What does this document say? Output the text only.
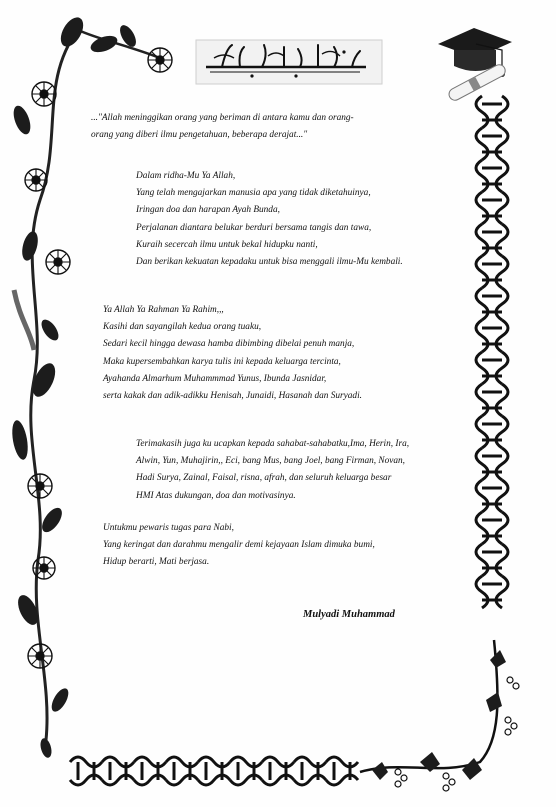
..."Allah meninggikan orang yang beriman di antara kamu dan orang-
orang yang diberi ilmu pengetahuan, beberapa derajat..."
Dalam ridha-Mu Ya Allah,
Yang telah mengajarkan manusia apa yang tidak diketahuinya,
Iringan doa dan harapan Ayah Bunda,
Perjalanan diantara belukar berduri bersama tangis dan tawa,
Kuraih secercah ilmu untuk bekal hidupku nanti,
Dan berikan kekuatan kepadaku untuk bisa menggali ilmu-Mu kembali.
Ya Allah Ya Rahman Ya Rahim,,,
Kasihi dan sayangilah kedua orang tuaku,
Sedari kecil hingga dewasa hamba dibimbing dibelai penuh manja,
Maka kupersembahkan karya tulis ini kepada keluarga tercinta,
Ayahanda Almarhum Muhammmad Yunus, Ibunda Jasnidar,
serta kakak dan adik-adikku Henisah, Junaidi, Hasanah dan Suryadi.
Terimakasih juga ku ucapkan kepada sahabat-sahabatku,Ima, Herin, Ira,
Alwin, Yun, Muhajirin,, Eci, bang Mus, bang Joel, bang Firman, Novan,
Hadi Surya, Zainal, Faisal, risna, afrah, dan seluruh keluarga besar
HMI Atas dukungan, doa dan motivasinya.
Untukmu pewaris tugas para Nabi,
Yang keringat dan darahmu mengalir demi kejayaan Islam dimuka bumi,
Hidup berarti, Mati berjasa.
Mulyadi Muhammad
